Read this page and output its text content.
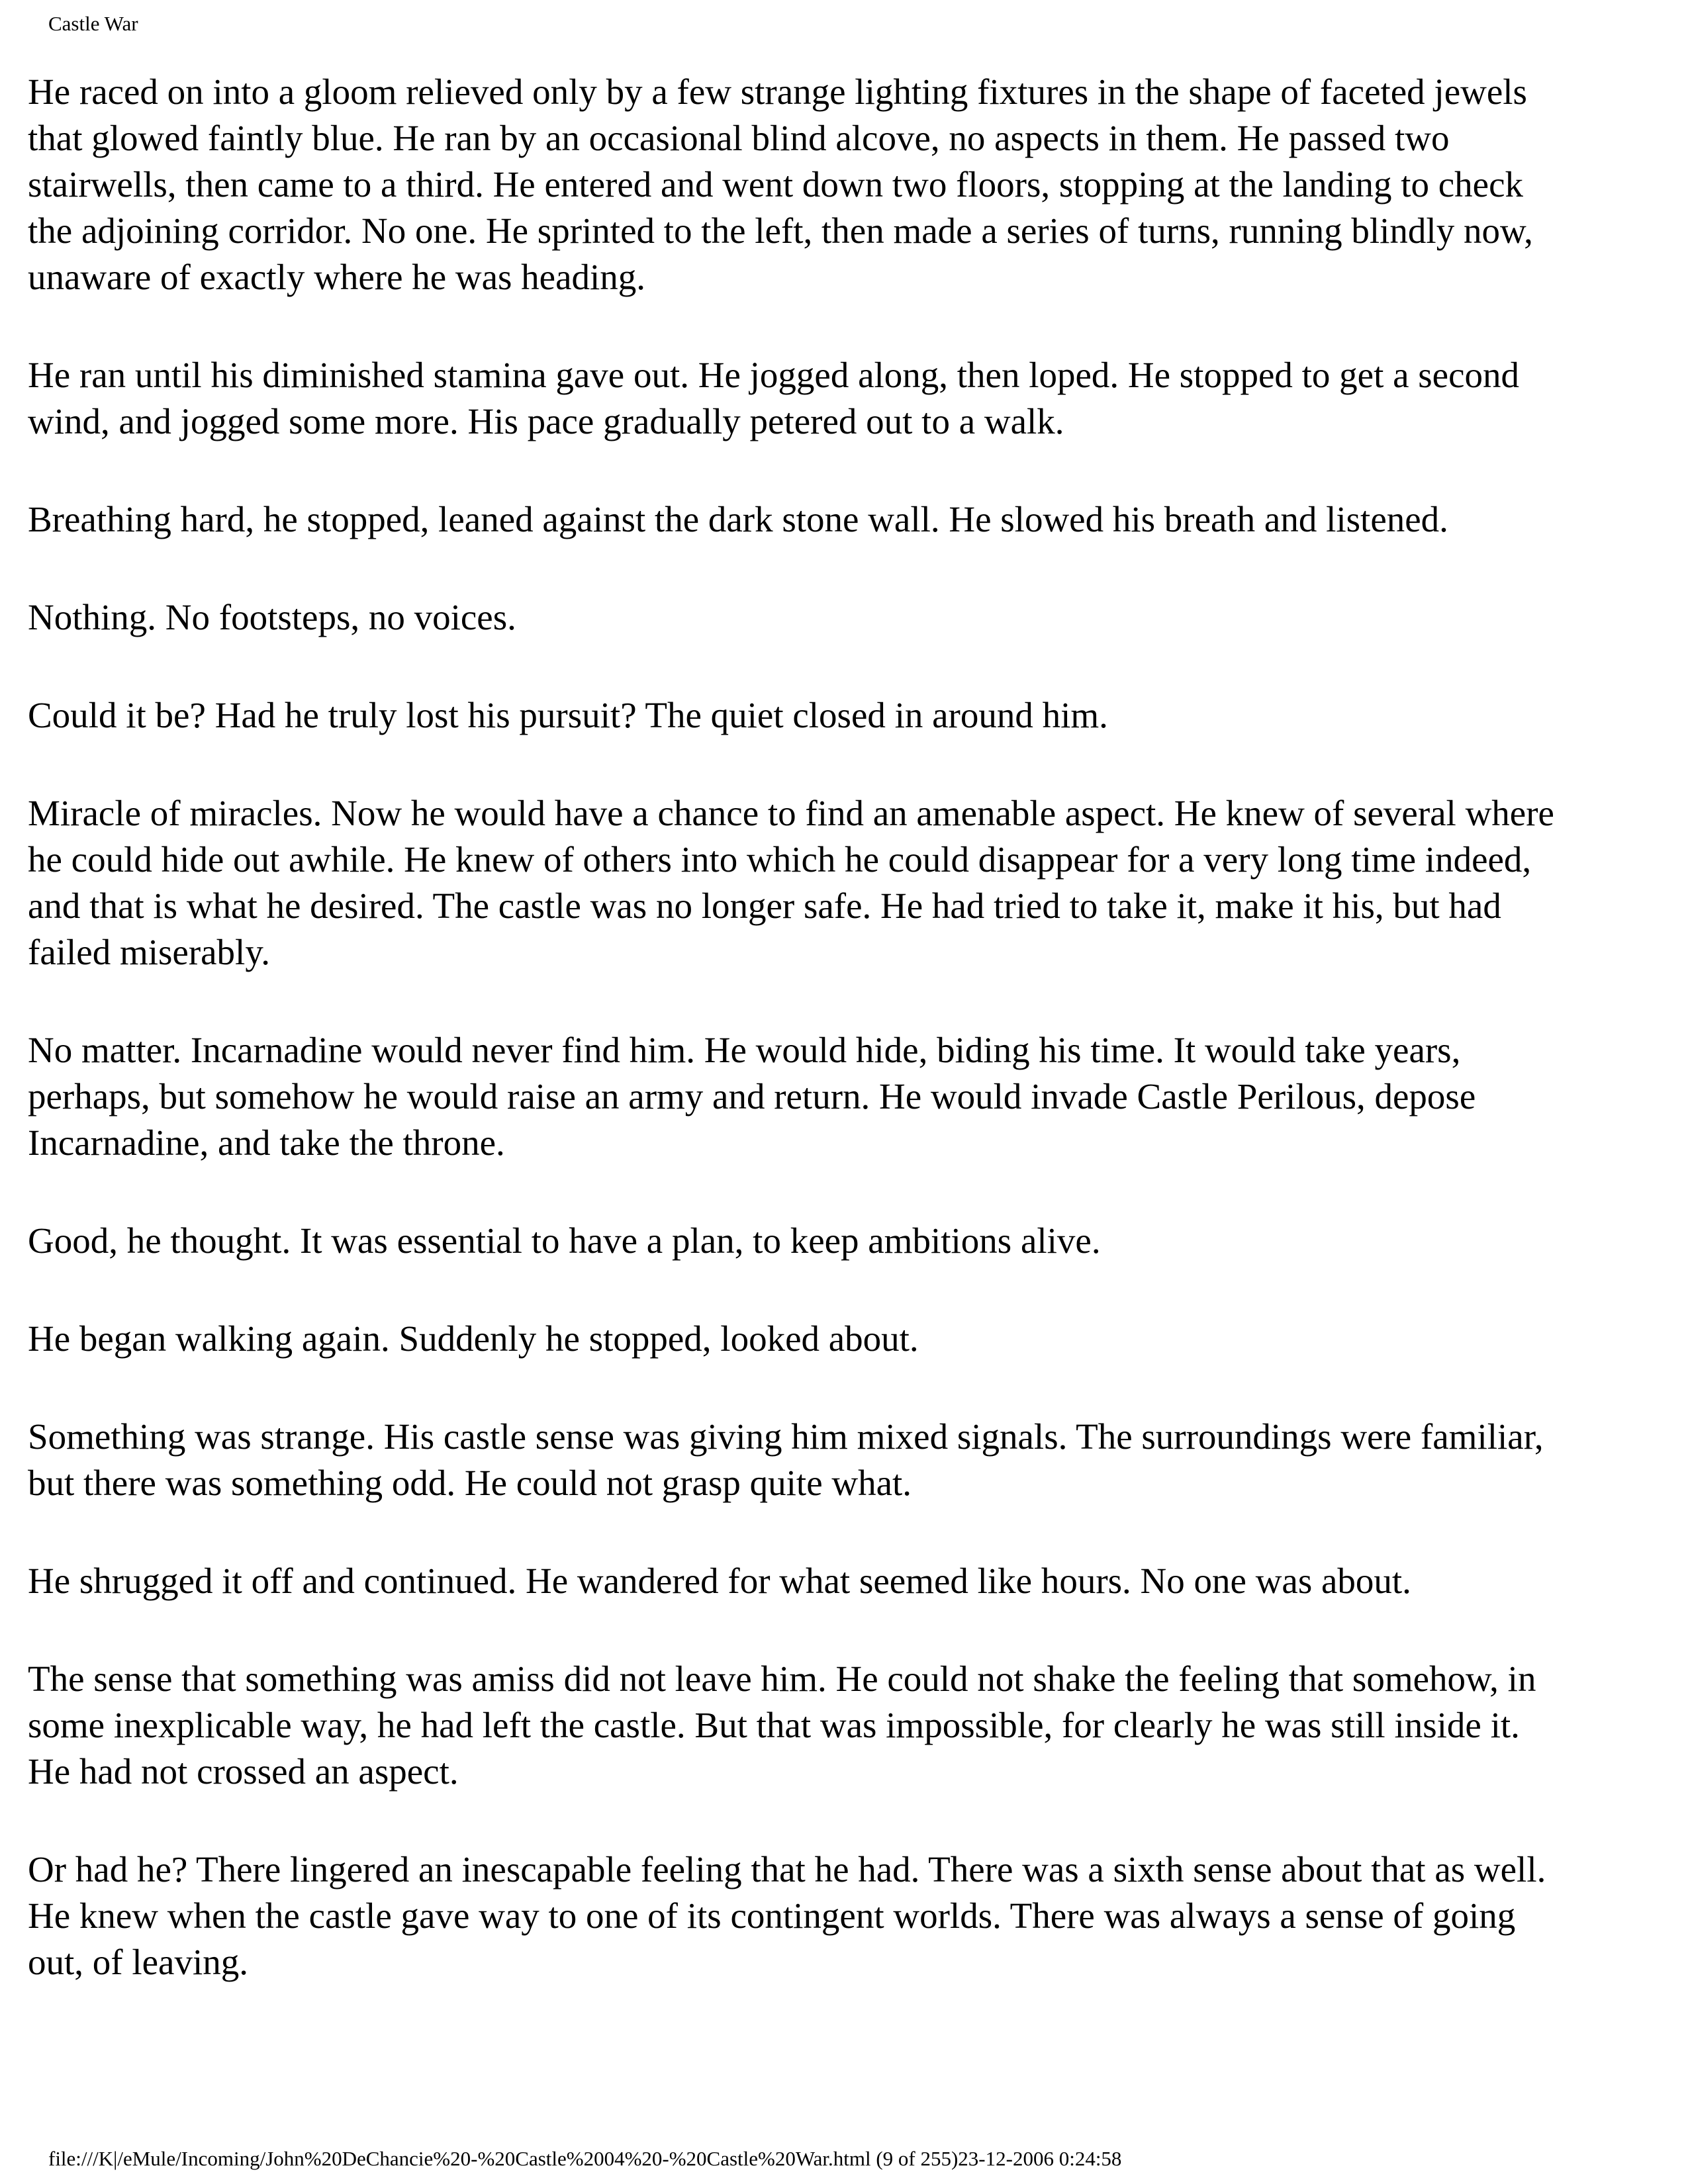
Castle War

He raced on into a gloom relieved only by a few strange lighting fixtures in the shape of faceted jewels
that glowed faintly blue. He ran by an occasional blind alcove, no aspects in them. He passed two
stairwells, then came to a third. He entered and went down two floors, stopping at the landing to check
the adjoining corridor. No one. He sprinted to the left, then made a series of turns, running blindly now,
unaware of exactly where he was heading.

He ran until his diminished stamina gave out. He jogged along, then loped. He stopped to get a second
wind, and jogged some more. His pace gradually petered out to a walk.

Breathing hard, he stopped, leaned against the dark stone wall. He slowed his breath and listened.

Nothing. No footsteps, no voices.

Could it be? Had he truly lost his pursuit? The quiet closed in around him.

Miracle of miracles. Now he would have a chance to find an amenable aspect. He knew of several where
he could hide out awhile. He knew of others into which he could disappear for a very long time indeed,
and that is what he desired. The castle was no longer safe. He had tried to take it, make it his, but had
failed miserably.

No matter. Incarnadine would never find him. He would hide, biding his time. It would take years,
perhaps, but somehow he would raise an army and return. He would invade Castle Perilous, depose
Incarnadine, and take the throne.

Good, he thought. It was essential to have a plan, to keep ambitions alive.

He began walking again. Suddenly he stopped, looked about.

Something was strange. His castle sense was giving him mixed signals. The surroundings were familiar,
but there was something odd. He could not grasp quite what.

He shrugged it off and continued. He wandered for what seemed like hours. No one was about.

The sense that something was amiss did not leave him. He could not shake the feeling that somehow, in
some inexplicable way, he had left the castle. But that was impossible, for clearly he was still inside it.
He had not crossed an aspect.

Or had he? There lingered an inescapable feeling that he had. There was a sixth sense about that as well.
He knew when the castle gave way to one of its contingent worlds. There was always a sense of going
out, of leaving.

file:///K|/eMule/Incoming/John%20DeChancie%20-%20Castle%2004%20-%20Castle%20War.html (9 of 255)23-12-2006 0:24:58
